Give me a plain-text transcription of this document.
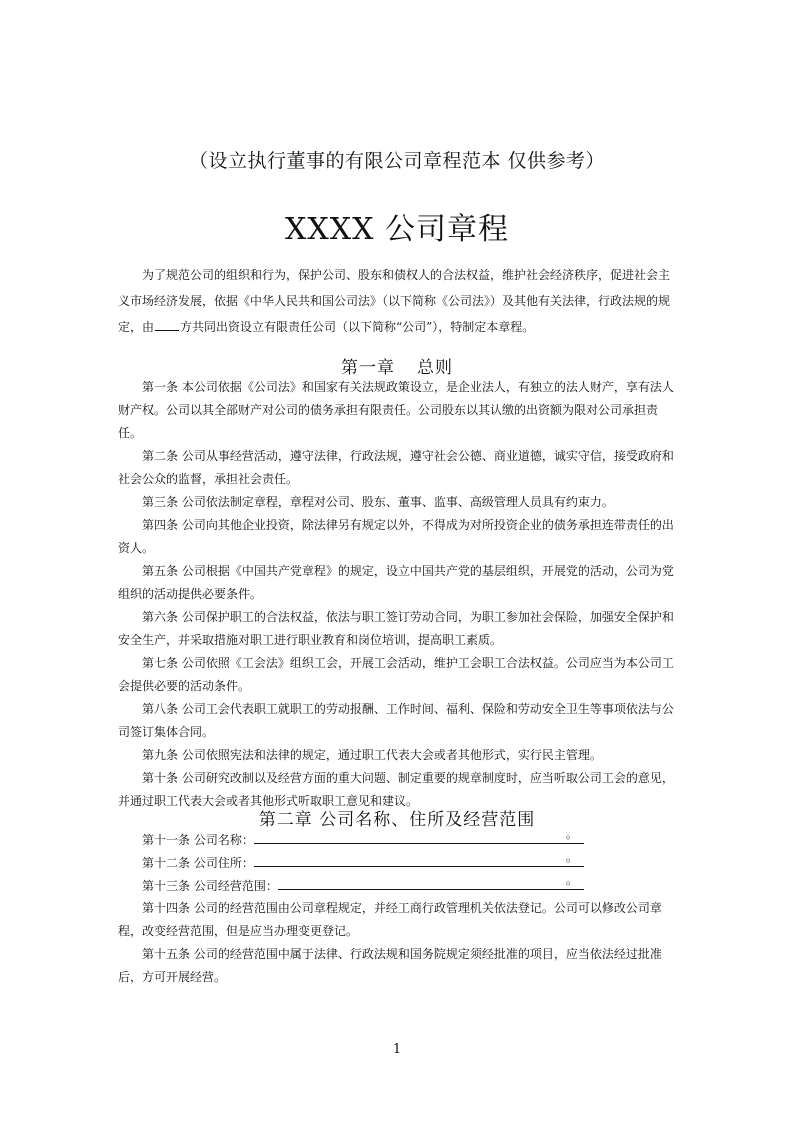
（设立执行董事的有限公司章程范本 仅供参考）
XXXX 公司章程

为了规范公司的组织和行为，保护公司、股东和债权人的合法权益，维护社会经济秩序，促进社会主义市场经济发展，依据《中华人民共和国公司法》（以下简称《公司法》）及其他有关法律，行政法规的规定，由 方共同出资设立有限责任公司（以下简称“公司”），特制定本章程。

第一章 总则

第一条 本公司依据《公司法》和国家有关法规政策设立，是企业法人，有独立的法人财产，享有法人财产权。公司以其全部财产对公司的债务承担有限责任。公司股东以其认缴的出资额为限对公司承担责任。

第二条 公司从事经营活动，遵守法律，行政法规，遵守社会公德、商业道德，诚实守信，接受政府和社会公众的监督，承担社会责任。

第三条 公司依法制定章程，章程对公司、股东、董事、监事、高级管理人员具有约束力。

第四条 公司向其他企业投资，除法律另有规定以外，不得成为对所投资企业的债务承担连带责任的出资人。

第五条 公司根据《中国共产党章程》的规定，设立中国共产党的基层组织，开展党的活动，公司为党组织的活动提供必要条件。

第六条 公司保护职工的合法权益，依法与职工签订劳动合同，为职工参加社会保险，加强安全保护和安全生产，并采取措施对职工进行职业教育和岗位培训，提高职工素质。

第七条 公司依照《工会法》组织工会，开展工会活动，维护工会职工合法权益。公司应当为本公司工会提供必要的活动条件。

第八条 公司工会代表职工就职工的劳动报酬、工作时间、福利、保险和劳动安全卫生等事项依法与公司签订集体合同。

第九条 公司依照宪法和法律的规定，通过职工代表大会或者其他形式，实行民主管理。

第十条 公司研究改制以及经营方面的重大问题、制定重要的规章制度时，应当听取公司工会的意见，并通过职工代表大会或者其他形式听取职工意见和建议。

第二章 公司名称、住所及经营范围

第十一条 公司名称：	。

第十二条 公司住所：	。

第十三条 公司经营范围：	。

第十四条 公司的经营范围由公司章程规定，并经工商行政管理机关依法登记。公司可以修改公司章程，改变经营范围，但是应当办理变更登记。

第十五条 公司的经营范围中属于法律、行政法规和国务院规定须经批准的项目，应当依法经过批准后，方可开展经营。

1
